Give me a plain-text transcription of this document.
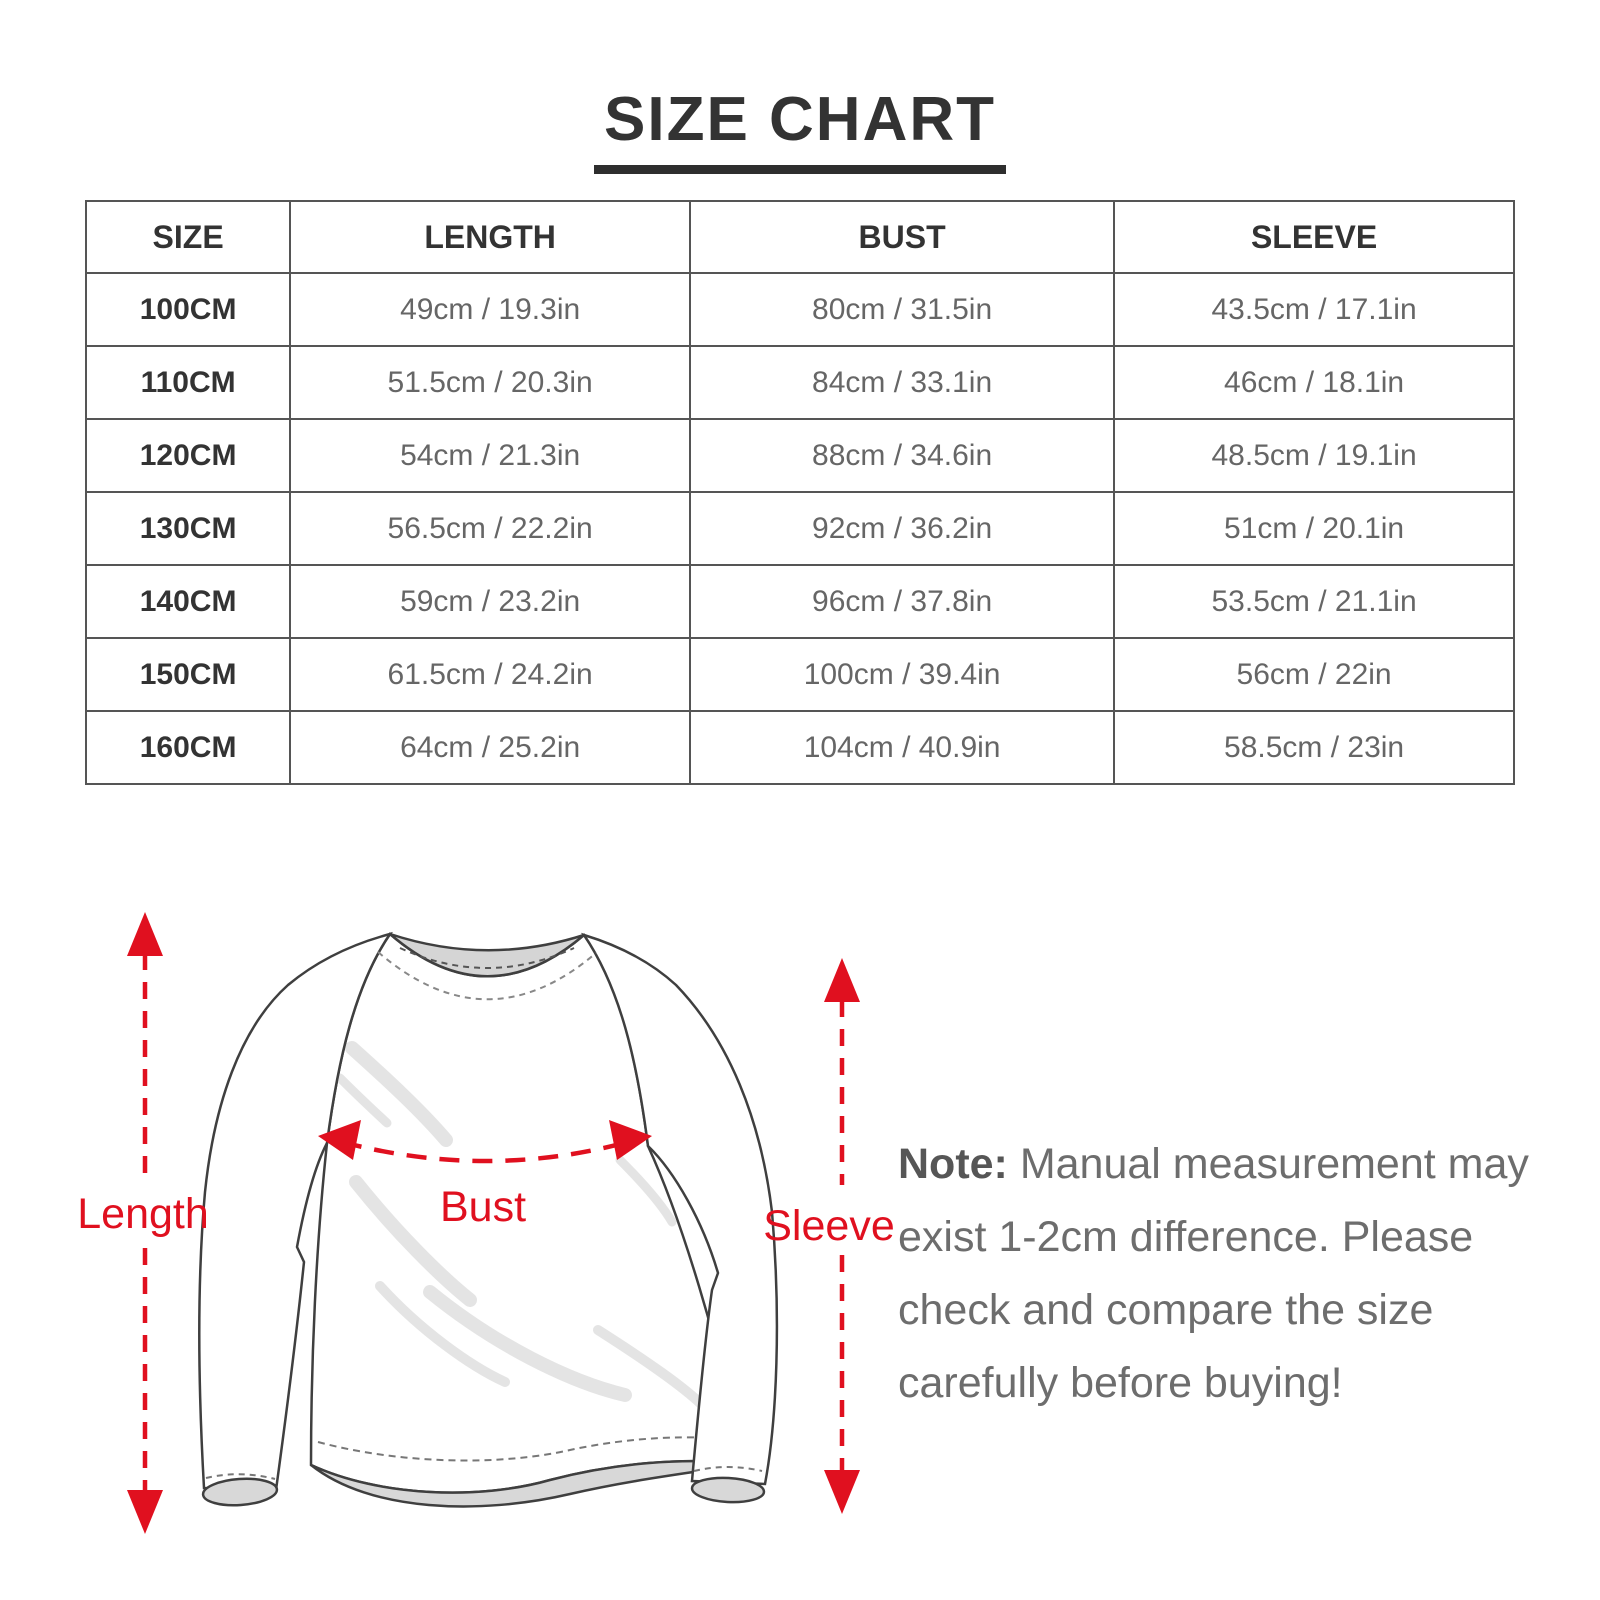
SIZE CHART
SIZE	LENGTH	BUST	SLEEVE
100CM	49cm / 19.3in	80cm / 31.5in	43.5cm / 17.1in
110CM	51.5cm / 20.3in	84cm / 33.1in	46cm / 18.1in
120CM	54cm / 21.3in	88cm / 34.6in	48.5cm / 19.1in
130CM	56.5cm / 22.2in	92cm / 36.2in	51cm / 20.1in
140CM	59cm / 23.2in	96cm / 37.8in	53.5cm / 21.1in
150CM	61.5cm / 24.2in	100cm / 39.4in	56cm / 22in
160CM	64cm / 25.2in	104cm / 40.9in	58.5cm / 23in
Length	Bust	Sleeve

Note: Manual measurement may

exist 1-2cm difference. Please

check and compare the size

carefully before buying!
